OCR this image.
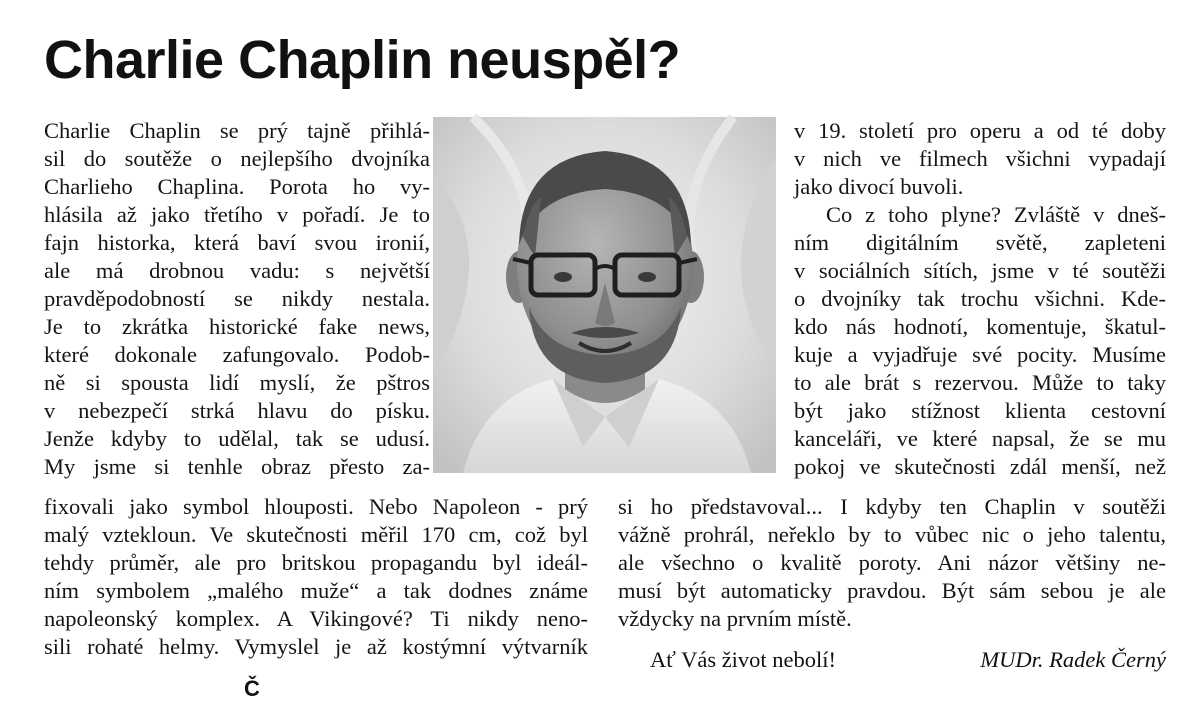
Charlie Chaplin neuspěl?

Charlie Chaplin se prý tajně přihlá-

sil do soutěže o nejlepšího dvojníka

Charlieho Chaplina. Porota ho vy-

hlásila až jako třetího v pořadí. Je to

fajn historka, která baví svou ironií,

ale má drobnou vadu: s největší

pravděpodobností se nikdy nestala.

Je to zkrátka historické fake news,

které dokonale zafungovalo. Podob-

ně si spousta lidí myslí, že pštros

v nebezpečí strká hlavu do písku.

Jenže kdyby to udělal, tak se udusí.

My jsme si tenhle obraz přesto za-

fixovali jako symbol hlouposti. Nebo Napoleon - prý

malý vztekloun. Ve skutečnosti měřil 170 cm, což byl

tehdy průměr, ale pro britskou propagandu byl ideál-

ním symbolem „malého muže“ a tak dodnes známe

napoleonský komplex. A Vikingové? Ti nikdy neno-

sili rohaté helmy. Vymyslel je až kostýmní výtvarník

v 19. století pro operu a od té doby

v nich ve filmech všichni vypadají

jako divocí buvoli.

Co z toho plyne? Zvláště v dneš-

ním digitálním světě, zapleteni

v sociálních sítích, jsme v té soutěži

o dvojníky tak trochu všichni. Kde-

kdo nás hodnotí, komentuje, škatul-

kuje a vyjadřuje své pocity. Musíme

to ale brát s rezervou. Může to taky

být jako stížnost klienta cestovní

kanceláři, ve které napsal, že se mu

pokoj ve skutečnosti zdál menší, než

si ho představoval... I kdyby ten Chaplin v soutěži

vážně prohrál, neřeklo by to vůbec nic o jeho talentu,

ale všechno o kvalitě poroty. Ani názor většiny ne-

musí být automaticky pravdou. Být sám sebou je ale

vždycky na prvním místě.

Ať Vás život nebolí!	MUDr. Radek Černý
Č
